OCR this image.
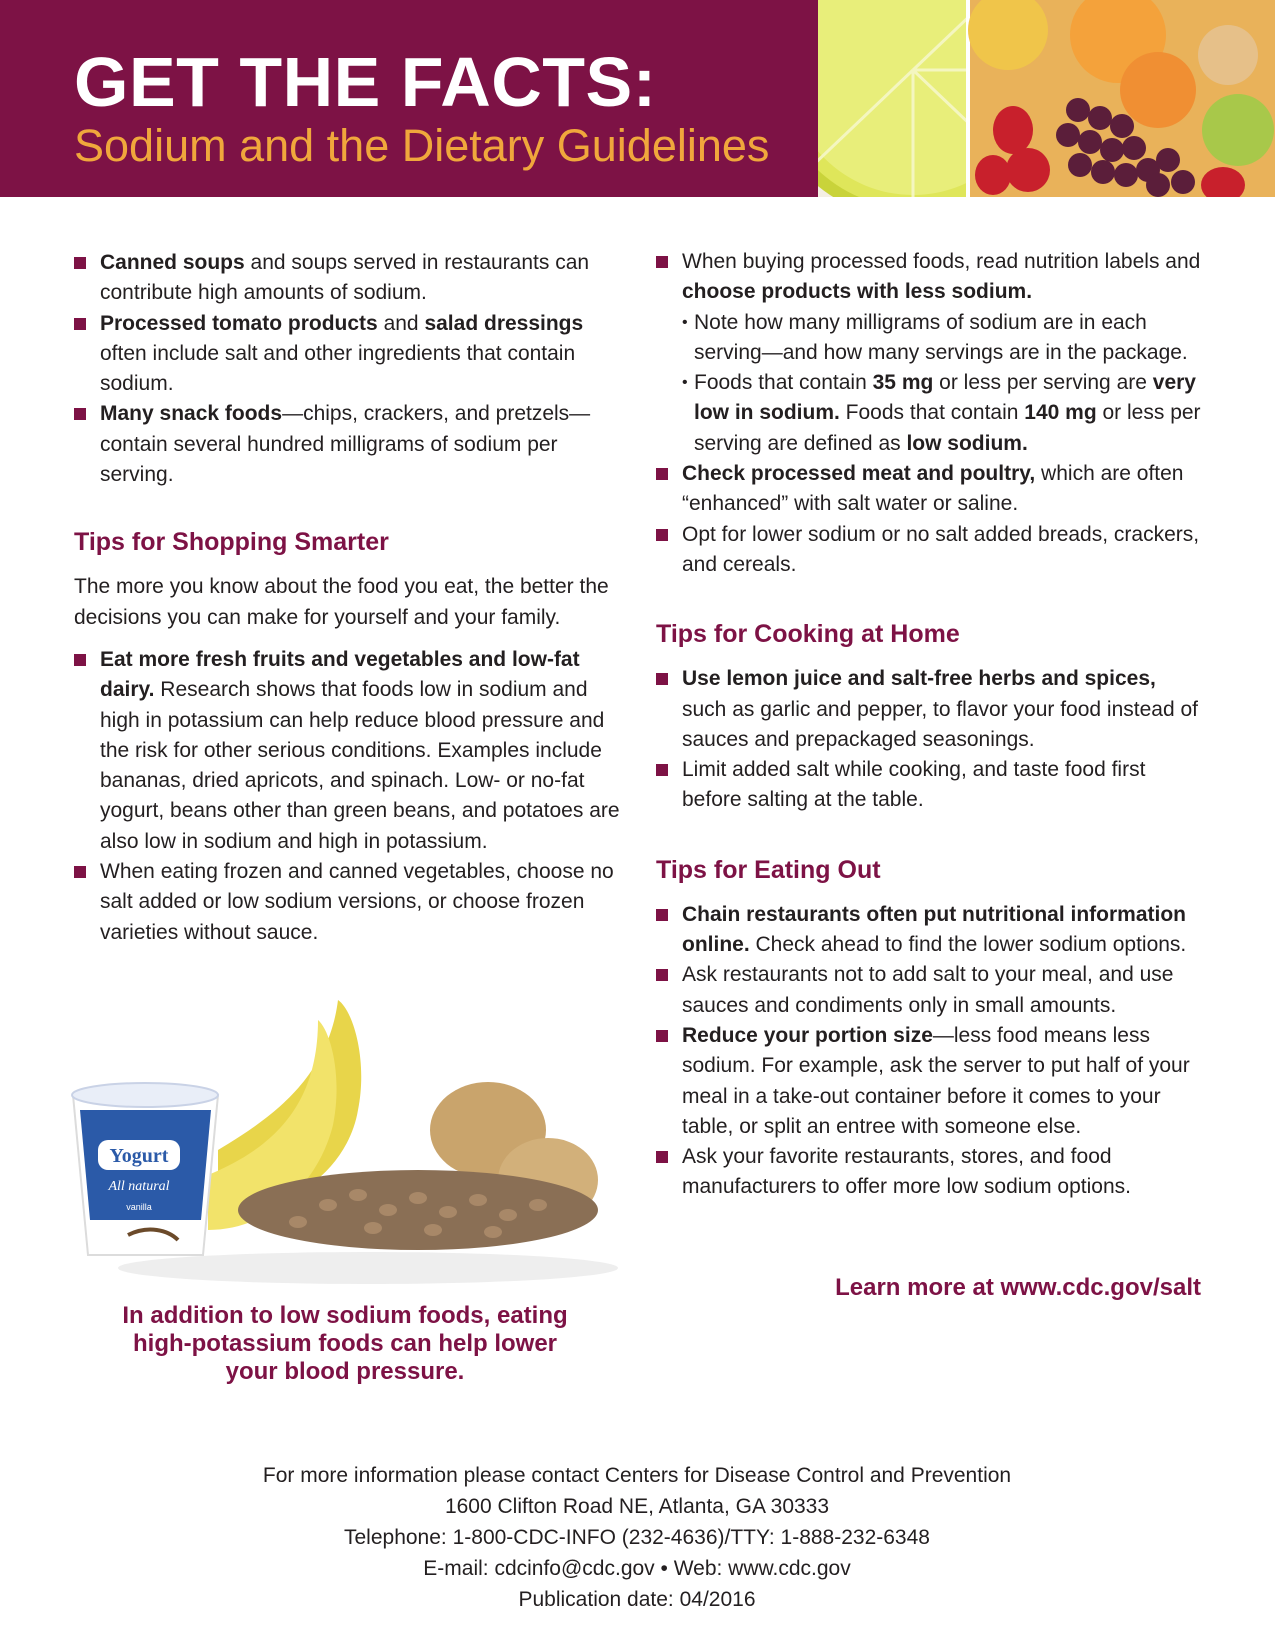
GET THE FACTS:
Sodium and the Dietary Guidelines
Canned soups and soups served in restaurants can contribute high amounts of sodium.
Processed tomato products and salad dressings often include salt and other ingredients that contain sodium.
Many snack foods—chips, crackers, and pretzels—contain several hundred milligrams of sodium per serving.
Tips for Shopping Smarter

The more you know about the food you eat, the better the decisions you can make for yourself and your family.

Eat more fresh fruits and vegetables and low-fat dairy. Research shows that foods low in sodium and high in potassium can help reduce blood pressure and the risk for other serious conditions. Examples include bananas, dried apricots, and spinach. Low- or no-fat yogurt, beans other than green beans, and potatoes are also low in sodium and high in potassium.
When eating frozen and canned vegetables, choose no salt added or low sodium versions, or choose frozen varieties without sauce.
Yogurt
All natural
vanilla
In addition to low sodium foods, eating high-potassium foods can help lower your blood pressure.
When buying processed foods, read nutrition labels and choose products with less sodium.
• Note how many milligrams of sodium are in each serving—and how many servings are in the package.
• Foods that contain 35 mg or less per serving are very low in sodium. Foods that contain 140 mg or less per serving are defined as low sodium.
Check processed meat and poultry, which are often “enhanced” with salt water or saline.
Opt for lower sodium or no salt added breads, crackers, and cereals.
Tips for Cooking at Home
Use lemon juice and salt-free herbs and spices, such as garlic and pepper, to flavor your food instead of sauces and prepackaged seasonings.
Limit added salt while cooking, and taste food first before salting at the table.
Tips for Eating Out
Chain restaurants often put nutritional information online. Check ahead to find the lower sodium options.
Ask restaurants not to add salt to your meal, and use sauces and condiments only in small amounts.
Reduce your portion size—less food means less sodium. For example, ask the server to put half of your meal in a take-out container before it comes to your table, or split an entree with someone else.
Ask your favorite restaurants, stores, and food manufacturers to offer more low sodium options.
Learn more at www.cdc.gov/salt
For more information please contact Centers for Disease Control and Prevention
1600 Clifton Road NE, Atlanta, GA 30333
Telephone: 1-800-CDC-INFO (232-4636)/TTY: 1-888-232-6348
E-mail: cdcinfo@cdc.gov • Web: www.cdc.gov
Publication date: 04/2016
